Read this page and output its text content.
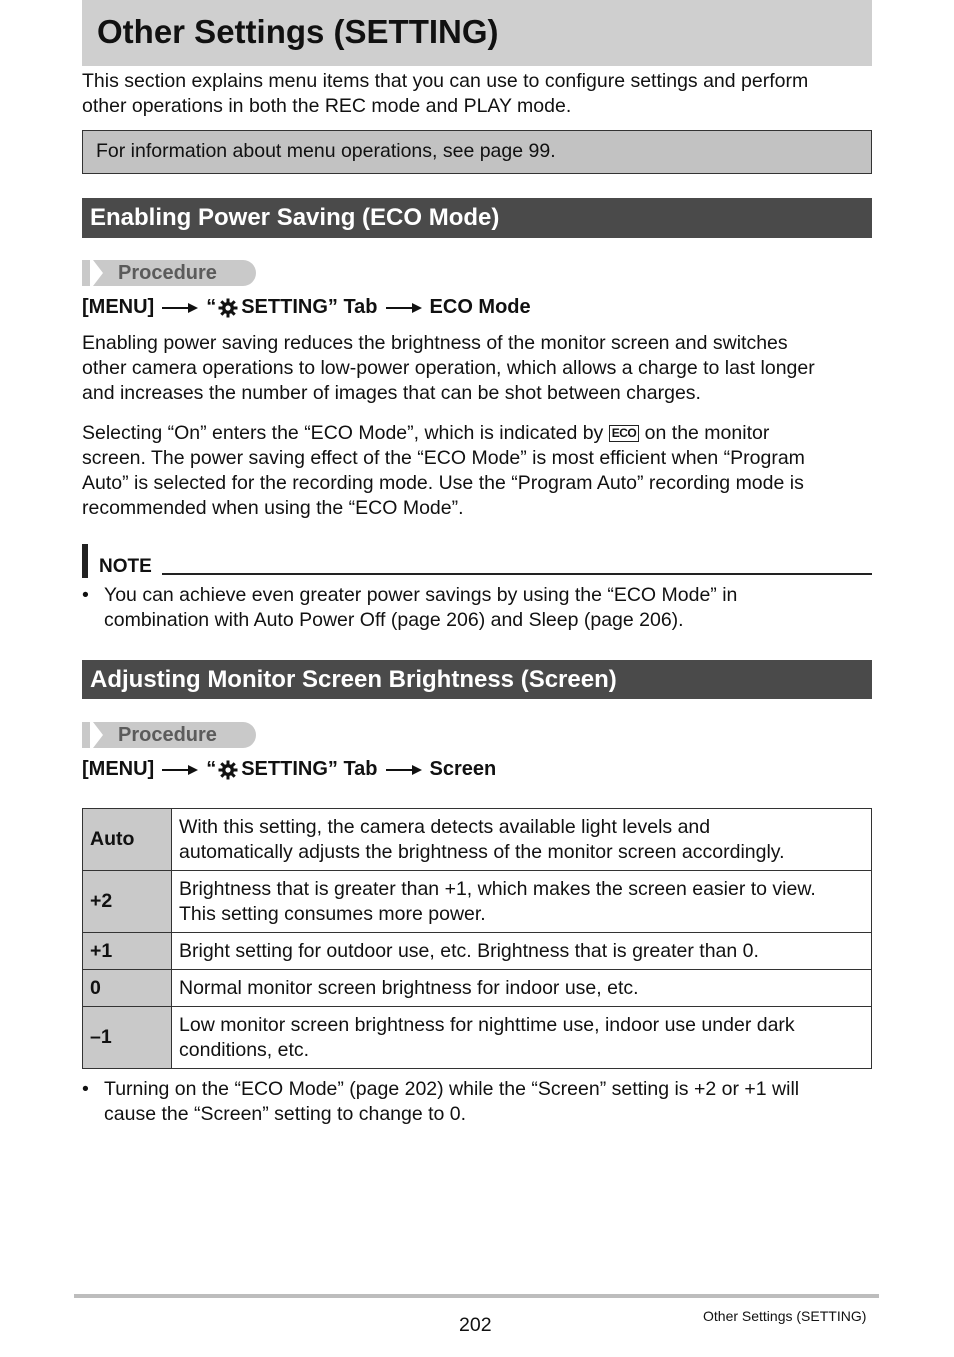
Other Settings (SETTING)
This section explains menu items that you can use to configure settings and perform
other operations in both the REC mode and PLAY mode.
For information about menu operations, see page 99.
Enabling Power Saving (ECO Mode)
Procedure
[MENU]	“ SETTING” Tab	ECO Mode
Enabling power saving reduces the brightness of the monitor screen and switches
other camera operations to low-power operation, which allows a charge to last longer
and increases the number of images that can be shot between charges.
Selecting “On” enters the “ECO Mode”, which is indicated by ECO on the monitor
screen. The power saving effect of the “ECO Mode” is most efficient when “Program
Auto” is selected for the recording mode. Use the “Program Auto” recording mode is
recommended when using the “ECO Mode”.
NOTE
• You can achieve even greater power savings by using the “ECO Mode” in
combination with Auto Power Off (page 206) and Sleep (page 206).
Adjusting Monitor Screen Brightness (Screen)
Procedure
[MENU]	“ SETTING” Tab	Screen
Auto	With this setting, the camera detects available light levels and
automatically adjusts the brightness of the monitor screen accordingly.

+2	Brightness that is greater than +1, which makes the screen easier to view.
This setting consumes more power.

+1	Bright setting for outdoor use, etc. Brightness that is greater than 0.

0	Normal monitor screen brightness for indoor use, etc.

–1	Low monitor screen brightness for nighttime use, indoor use under dark
conditions, etc.
• Turning on the “ECO Mode” (page 202) while the “Screen” setting is +2 or +1 will
cause the “Screen” setting to change to 0.
202	Other Settings (SETTING)
